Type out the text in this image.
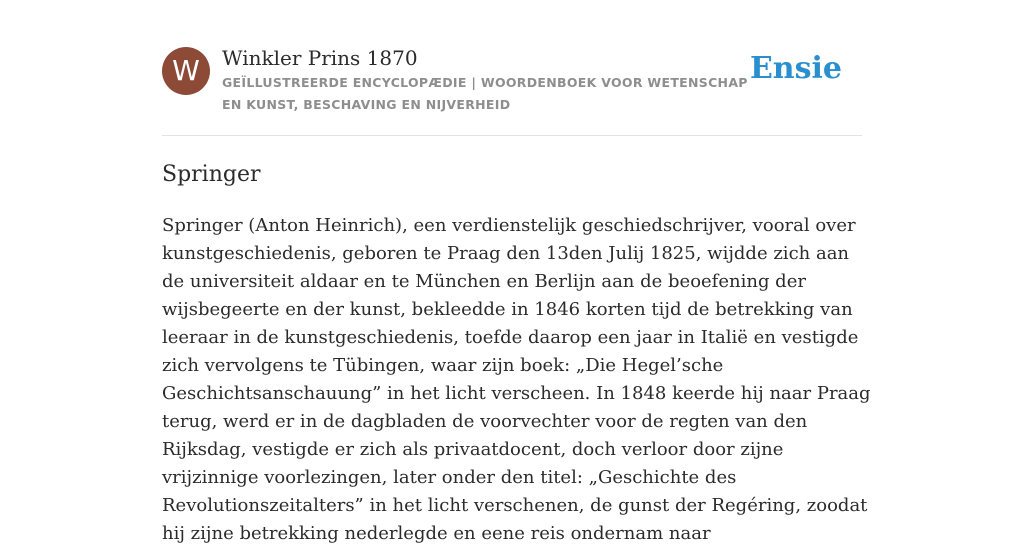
W	Winkler Prins 1870
GEÏLLUSTREERDE ENCYCLOPÆDIE | WOORDENBOEK VOOR WETENSCHAP EN KUNST, BESCHAVING EN NIJVERHEID
Ensie
Springer

Springer (Anton Heinrich), een verdienstelijk geschiedschrijver, vooral over kunstgeschiedenis, geboren te Praag den 13den Julij 1825, wijdde zich aan de universiteit aldaar en te München en Berlijn aan de beoefening der wijsbegeerte en der kunst, bekleedde in 1846 korten tijd de betrekking van leeraar in de kunstgeschiedenis, toefde daarop een jaar in Italië en vestigde zich vervolgens te Tübingen, waar zijn boek: „Die Hegel’sche Geschichtsanschauung” in het licht verscheen. In 1848 keerde hij naar Praag terug, werd er in de dagbladen de voorvechter voor de regten van den Rijksdag, vestigde er zich als privaatdocent, doch verloor door zijne vrijzinnige voorlezingen, later onder den titel: „Geschichte des Revolutionszeitalters” in het licht verschenen, de gunst der Regéring, zoodat hij zijne betrekking nederlegde en eene reis ondernam naar
